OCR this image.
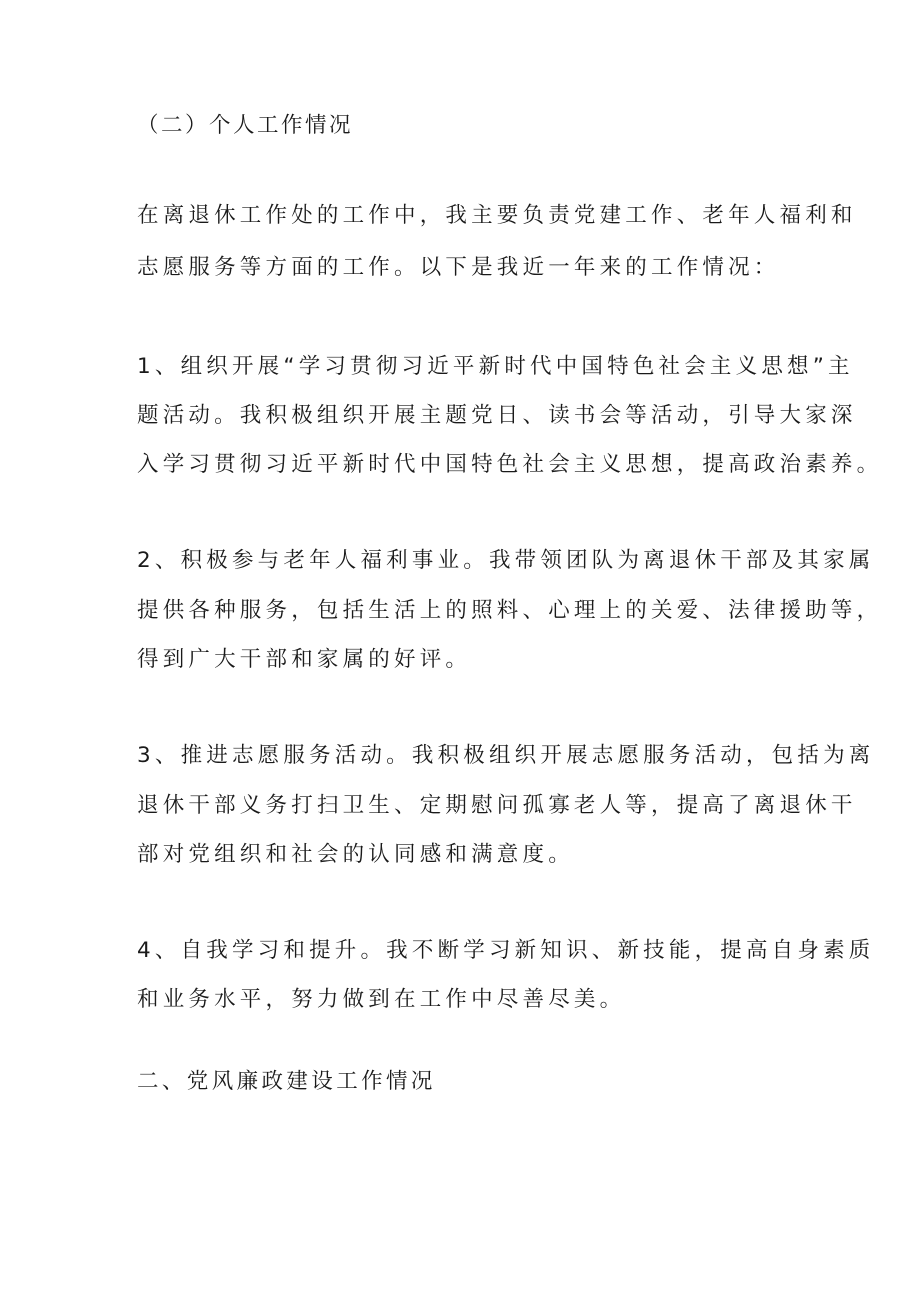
（二）个人工作情况
在离退休工作处的工作中，我主要负责党建工作、老年人福利和
志愿服务等方面的工作。以下是我近一年来的工作情况：
1、组织开展“学习贯彻习近平新时代中国特色社会主义思想”主
题活动。我积极组织开展主题党日、读书会等活动，引导大家深
入学习贯彻习近平新时代中国特色社会主义思想，提高政治素养。
2、积极参与老年人福利事业。我带领团队为离退休干部及其家属
提供各种服务，包括生活上的照料、心理上的关爱、法律援助等，
得到广大干部和家属的好评。
3、推进志愿服务活动。我积极组织开展志愿服务活动，包括为离
退休干部义务打扫卫生、定期慰问孤寡老人等，提高了离退休干
部对党组织和社会的认同感和满意度。
4、自我学习和提升。我不断学习新知识、新技能，提高自身素质
和业务水平，努力做到在工作中尽善尽美。
二、党风廉政建设工作情况
